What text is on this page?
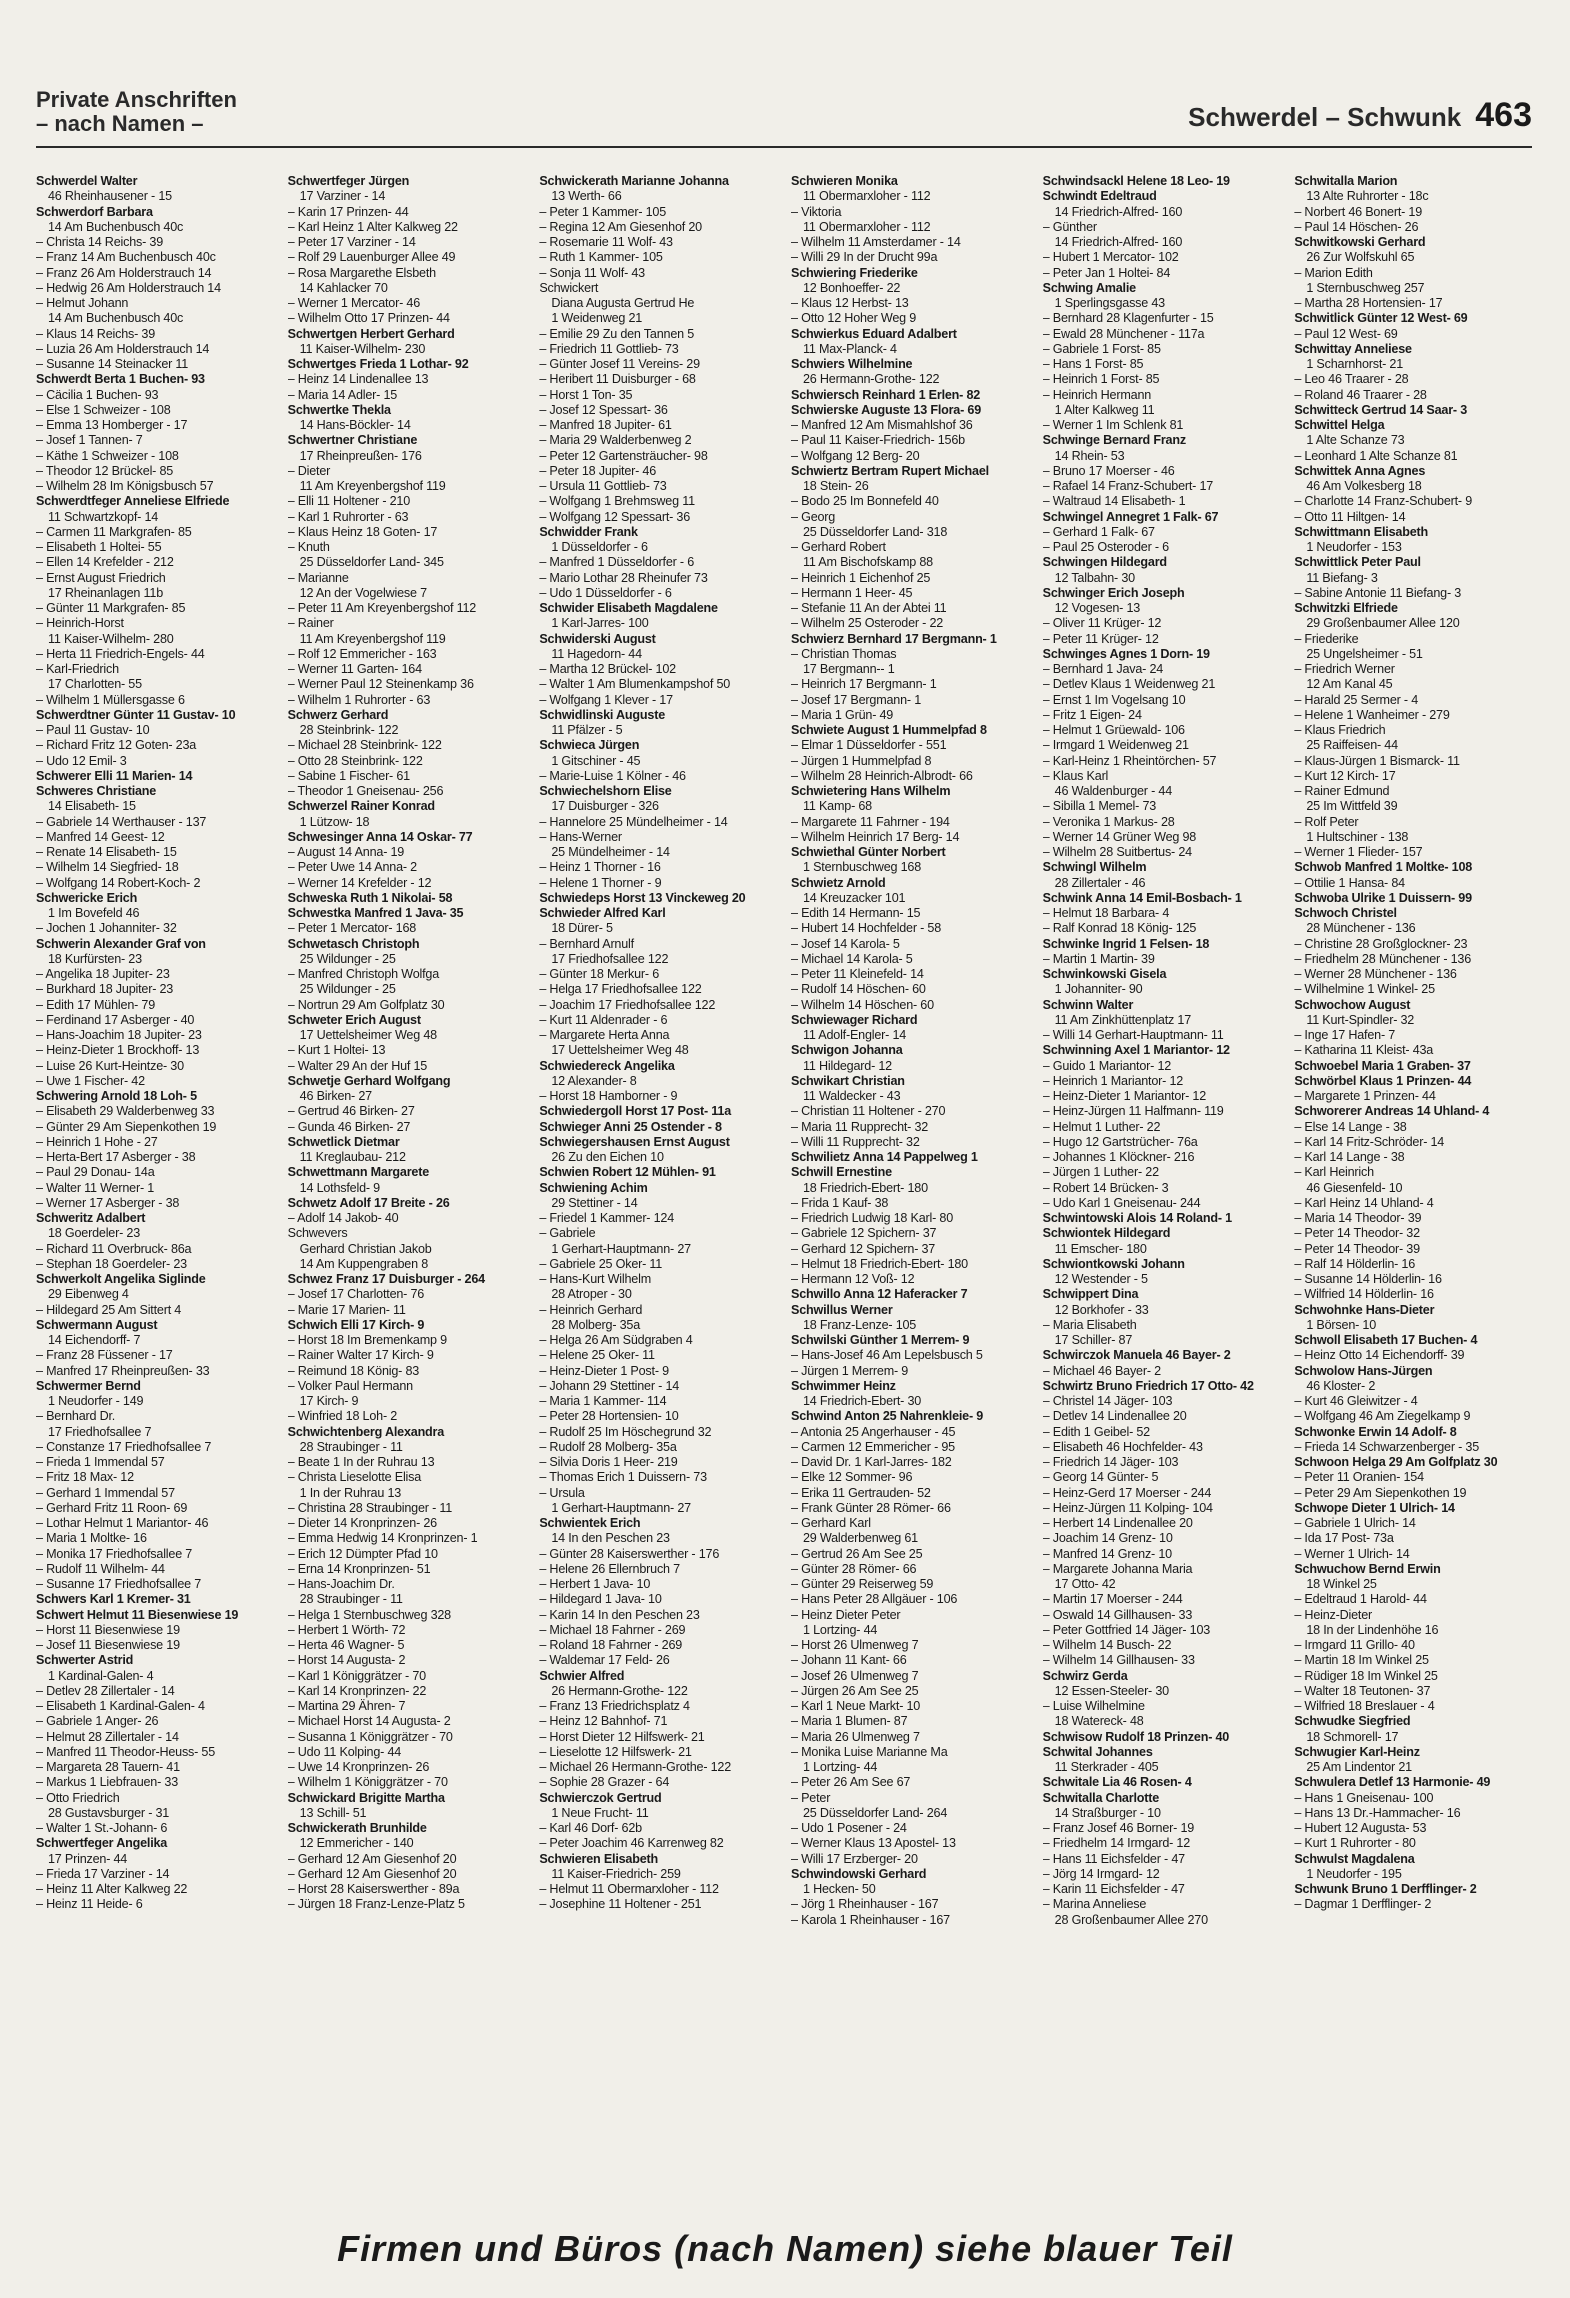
Private Anschriften
– nach Namen –	Schwerdel – Schwunk 463
Schwerdel Walter
46 Rheinhausener - 15
Schwerdorf Barbara
14 Am Buchenbusch 40c
– Christa 14 Reichs- 39
– Franz 14 Am Buchenbusch 40c
– Franz 26 Am Holderstrauch 14
– Hedwig 26 Am Holderstrauch 14
– Helmut Johann
14 Am Buchenbusch 40c
– Klaus 14 Reichs- 39
– Luzia 26 Am Holderstrauch 14
– Susanne 14 Steinacker 11
Schwerdt Berta 1 Buchen- 93
– Cäcilia 1 Buchen- 93
– Else 1 Schweizer - 108
– Emma 13 Homberger - 17
– Josef 1 Tannen- 7
– Käthe 1 Schweizer - 108
– Theodor 12 Brückel- 85
– Wilhelm 28 Im Königsbusch 57
Schwerdtfeger Anneliese Elfriede
11 Schwartzkopf- 14
– Carmen 11 Markgrafen- 85
– Elisabeth 1 Holtei- 55
– Ellen 14 Krefelder - 212
– Ernst August Friedrich
17 Rheinanlagen 11b
– Günter 11 Markgrafen- 85
– Heinrich-Horst
11 Kaiser-Wilhelm- 280
– Herta 11 Friedrich-Engels- 44
– Karl-Friedrich
17 Charlotten- 55
– Wilhelm 1 Müllersgasse 6
Schwerdtner Günter 11 Gustav- 10
– Paul 11 Gustav- 10
– Richard Fritz 12 Goten- 23a
– Udo 12 Emil- 3
Schwerer Elli 11 Marien- 14
Schweres Christiane
14 Elisabeth- 15
– Gabriele 14 Werthauser - 137
– Manfred 14 Geest- 12
– Renate 14 Elisabeth- 15
– Wilhelm 14 Siegfried- 18
– Wolfgang 14 Robert-Koch- 2
Schwericke Erich
1 Im Bovefeld 46
– Jochen 1 Johanniter- 32
Schwerin Alexander Graf von
18 Kurfürsten- 23
– Angelika 18 Jupiter- 23
– Burkhard 18 Jupiter- 23
– Edith 17 Mühlen- 79
– Ferdinand 17 Asberger - 40
– Hans-Joachim 18 Jupiter- 23
– Heinz-Dieter 1 Brockhoff- 13
– Luise 26 Kurt-Heintze- 30
– Uwe 1 Fischer- 42
Schwering Arnold 18 Loh- 5
– Elisabeth 29 Walderbenweg 33
– Günter 29 Am Siepenkothen 19
– Heinrich 1 Hohe - 27
– Herta-Bert 17 Asberger - 38
– Paul 29 Donau- 14a
– Walter 11 Werner- 1
– Werner 17 Asberger - 38
Schweritz Adalbert
18 Goerdeler- 23
– Richard 11 Overbruck- 86a
– Stephan 18 Goerdeler- 23
Schwerkolt Angelika Siglinde
29 Eibenweg 4
– Hildegard 25 Am Sittert 4
Schwermann August
14 Eichendorff- 7
– Franz 28 Füssener - 17
– Manfred 17 Rheinpreußen- 33
Schwermer Bernd
1 Neudorfer - 149
– Bernhard Dr.
17 Friedhofsallee 7
– Constanze 17 Friedhofsallee 7
– Frieda 1 Immendal 57
– Fritz 18 Max- 12
– Gerhard 1 Immendal 57
– Gerhard Fritz 11 Roon- 69
– Lothar Helmut 1 Mariantor- 46
– Maria 1 Moltke- 16
– Monika 17 Friedhofsallee 7
– Rudolf 11 Wilhelm- 44
– Susanne 17 Friedhofsallee 7
Schwers Karl 1 Kremer- 31
Schwert Helmut 11 Biesenwiese 19
– Horst 11 Biesenwiese 19
– Josef 11 Biesenwiese 19
Schwerter Astrid
1 Kardinal-Galen- 4
– Detlev 28 Zillertaler - 14
– Elisabeth 1 Kardinal-Galen- 4
– Gabriele 1 Anger- 26
– Helmut 28 Zillertaler - 14
– Manfred 11 Theodor-Heuss- 55
– Margareta 28 Tauern- 41
– Markus 1 Liebfrauen- 33
– Otto Friedrich
28 Gustavsburger - 31
– Walter 1 St.-Johann- 6
Schwertfeger Angelika
17 Prinzen- 44
– Frieda 17 Varziner - 14
– Heinz 11 Alter Kalkweg 22
– Heinz 11 Heide- 6
Schwertfeger Jürgen
17 Varziner - 14
– Karin 17 Prinzen- 44
– Karl Heinz 1 Alter Kalkweg 22
– Peter 17 Varziner - 14
– Rolf 29 Lauenburger Allee 49
– Rosa Margarethe Elsbeth
14 Kahlacker 70
– Werner 1 Mercator- 46
– Wilhelm Otto 17 Prinzen- 44
Schwertgen Herbert Gerhard
11 Kaiser-Wilhelm- 230
Schwertges Frieda 1 Lothar- 92
– Heinz 14 Lindenallee 13
– Maria 14 Adler- 15
Schwertke Thekla
14 Hans-Böckler- 14
Schwertner Christiane
17 Rheinpreußen- 176
– Dieter
11 Am Kreyenbergshof 119
– Elli 11 Holtener - 210
– Karl 1 Ruhrorter - 63
– Klaus Heinz 18 Goten- 17
– Knuth
25 Düsseldorfer Land- 345
– Marianne
12 An der Vogelwiese 7
– Peter 11 Am Kreyenbergshof 112
– Rainer
11 Am Kreyenbergshof 119
– Rolf 12 Emmericher - 163
– Werner 11 Garten- 164
– Werner Paul 12 Steinenkamp 36
– Wilhelm 1 Ruhrorter - 63
Schwerz Gerhard
28 Steinbrink- 122
– Michael 28 Steinbrink- 122
– Otto 28 Steinbrink- 122
– Sabine 1 Fischer- 61
– Theodor 1 Gneisenau- 256
Schwerzel Rainer Konrad
1 Lützow- 18
Schwesinger Anna 14 Oskar- 77
– August 14 Anna- 19
– Peter Uwe 14 Anna- 2
– Werner 14 Krefelder - 12
Schweska Ruth 1 Nikolai- 58
Schwestka Manfred 1 Java- 35
– Peter 1 Mercator- 168
Schwetasch Christoph
25 Wildunger - 25
– Manfred Christoph Wolfga
25 Wildunger - 25
– Nortrun 29 Am Golfplatz 30
Schweter Erich August
17 Uettelsheimer Weg 48
– Kurt 1 Holtei- 13
– Walter 29 An der Huf 15
Schwetje Gerhard Wolfgang
46 Birken- 27
– Gertrud 46 Birken- 27
– Gunda 46 Birken- 27
Schwetlick Dietmar
11 Kreglaubau- 212
Schwettmann Margarete
14 Lothsfeld- 9
Schwetz Adolf 17 Breite - 26
– Adolf 14 Jakob- 40
Schwevers
Gerhard Christian Jakob
14 Am Kuppengraben 8
Schwez Franz 17 Duisburger - 264
– Josef 17 Charlotten- 76
– Marie 17 Marien- 11
Schwich Elli 17 Kirch- 9
– Horst 18 Im Bremenkamp 9
– Rainer Walter 17 Kirch- 9
– Reimund 18 König- 83
– Volker Paul Hermann
17 Kirch- 9
– Winfried 18 Loh- 2
Schwichtenberg Alexandra
28 Straubinger - 11
– Beate 1 In der Ruhrau 13
– Christa Lieselotte Elisa
1 In der Ruhrau 13
– Christina 28 Straubinger - 11
– Dieter 14 Kronprinzen- 26
– Emma Hedwig 14 Kronprinzen- 1
– Erich 12 Dümpter Pfad 10
– Erna 14 Kronprinzen- 51
– Hans-Joachim Dr.
28 Straubinger - 11
– Helga 1 Sternbuschweg 328
– Herbert 1 Wörth- 72
– Herta 46 Wagner- 5
– Horst 14 Augusta- 2
– Karl 1 Königgrätzer - 70
– Karl 14 Kronprinzen- 22
– Martina 29 Ähren- 7
– Michael Horst 14 Augusta- 2
– Susanna 1 Königgrätzer - 70
– Udo 11 Kolping- 44
– Uwe 14 Kronprinzen- 26
– Wilhelm 1 Königgrätzer - 70
Schwickard Brigitte Martha
13 Schill- 51
Schwickerath Brunhilde
12 Emmericher - 140
– Gerhard 12 Am Giesenhof 20
– Gerhard 12 Am Giesenhof 20
– Horst 28 Kaiserswerther - 89a
– Jürgen 18 Franz-Lenze-Platz 5
Schwickerath Marianne Johanna
13 Werth- 66
– Peter 1 Kammer- 105
– Regina 12 Am Giesenhof 20
– Rosemarie 11 Wolf- 43
– Ruth 1 Kammer- 105
– Sonja 11 Wolf- 43
Schwickert
Diana Augusta Gertrud He
1 Weidenweg 21
– Emilie 29 Zu den Tannen 5
– Friedrich 11 Gottlieb- 73
– Günter Josef 11 Vereins- 29
– Heribert 11 Duisburger - 68
– Horst 1 Ton- 35
– Josef 12 Spessart- 36
– Manfred 18 Jupiter- 61
– Maria 29 Walderbenweg 2
– Peter 12 Gartensträucher- 98
– Peter 18 Jupiter- 46
– Ursula 11 Gottlieb- 73
– Wolfgang 1 Brehmsweg 11
– Wolfgang 12 Spessart- 36
Schwidder Frank
1 Düsseldorfer - 6
– Manfred 1 Düsseldorfer - 6
– Mario Lothar 28 Rheinufer 73
– Udo 1 Düsseldorfer - 6
Schwider Elisabeth Magdalene
1 Karl-Jarres- 100
Schwiderski August
11 Hagedorn- 44
– Martha 12 Brückel- 102
– Walter 1 Am Blumenkampshof 50
– Wolfgang 1 Klever - 17
Schwidlinski Auguste
11 Pfälzer - 5
Schwieca Jürgen
1 Gitschiner - 45
– Marie-Luise 1 Kölner - 46
Schwiechelshorn Elise
17 Duisburger - 326
– Hannelore 25 Mündelheimer - 14
– Hans-Werner
25 Mündelheimer - 14
– Heinz 1 Thorner - 16
– Helene 1 Thorner - 9
Schwiedeps Horst 13 Vinckeweg 20
Schwieder Alfred Karl
18 Dürer- 5
– Bernhard Arnulf
17 Friedhofsallee 122
– Günter 18 Merkur- 6
– Helga 17 Friedhofsallee 122
– Joachim 17 Friedhofsallee 122
– Kurt 11 Aldenrader - 6
– Margarete Herta Anna
17 Uettelsheimer Weg 48
Schwiedereck Angelika
12 Alexander- 8
– Horst 18 Hamborner - 9
Schwiedergoll Horst 17 Post- 11a
Schwieger Anni 25 Ostender - 8
Schwiegershausen Ernst August
26 Zu den Eichen 10
Schwien Robert 12 Mühlen- 91
Schwiening Achim
29 Stettiner - 14
– Friedel 1 Kammer- 124
– Gabriele
1 Gerhart-Hauptmann- 27
– Gabriele 25 Oker- 11
– Hans-Kurt Wilhelm
28 Atroper - 30
– Heinrich Gerhard
28 Molberg- 35a
– Helga 26 Am Südgraben 4
– Helene 25 Oker- 11
– Heinz-Dieter 1 Post- 9
– Johann 29 Stettiner - 14
– Maria 1 Kammer- 114
– Peter 28 Hortensien- 10
– Rudolf 25 Im Höschegrund 32
– Rudolf 28 Molberg- 35a
– Silvia Doris 1 Heer- 219
– Thomas Erich 1 Duissern- 73
– Ursula
1 Gerhart-Hauptmann- 27
Schwientek Erich
14 In den Peschen 23
– Günter 28 Kaiserswerther - 176
– Helene 26 Ellernbruch 7
– Herbert 1 Java- 10
– Hildegard 1 Java- 10
– Karin 14 In den Peschen 23
– Michael 18 Fahrner - 269
– Roland 18 Fahrner - 269
– Waldemar 17 Feld- 26
Schwier Alfred
26 Hermann-Grothe- 122
– Franz 13 Friedrichsplatz 4
– Heinz 12 Bahnhof- 71
– Horst Dieter 12 Hilfswerk- 21
– Lieselotte 12 Hilfswerk- 21
– Michael 26 Hermann-Grothe- 122
– Sophie 28 Grazer - 64
Schwierczok Gertrud
1 Neue Frucht- 11
– Karl 46 Dorf- 62b
– Peter Joachim 46 Karrenweg 82
Schwieren Elisabeth
11 Kaiser-Friedrich- 259
– Helmut 11 Obermarxloher - 112
– Josephine 11 Holtener - 251
Schwieren Monika
11 Obermarxloher - 112
– Viktoria
11 Obermarxloher - 112
– Wilhelm 11 Amsterdamer - 14
– Willi 29 In der Drucht 99a
Schwiering Friederike
12 Bonhoeffer- 22
– Klaus 12 Herbst- 13
– Otto 12 Hoher Weg 9
Schwierkus Eduard Adalbert
11 Max-Planck- 4
Schwiers Wilhelmine
26 Hermann-Grothe- 122
Schwiersch Reinhard 1 Erlen- 82
Schwierske Auguste 13 Flora- 69
– Manfred 12 Am Mismahlshof 36
– Paul 11 Kaiser-Friedrich- 156b
– Wolfgang 12 Berg- 20
Schwiertz Bertram Rupert Michael
18 Stein- 26
– Bodo 25 Im Bonnefeld 40
– Georg
25 Düsseldorfer Land- 318
– Gerhard Robert
11 Am Bischofskamp 88
– Heinrich 1 Eichenhof 25
– Hermann 1 Heer- 45
– Stefanie 11 An der Abtei 11
– Wilhelm 25 Osteroder - 22
Schwierz Bernhard 17 Bergmann- 1
– Christian Thomas
17 Bergmann-- 1
– Heinrich 17 Bergmann- 1
– Josef 17 Bergmann- 1
– Maria 1 Grün- 49
Schwiete August 1 Hummelpfad 8
– Elmar 1 Düsseldorfer - 551
– Jürgen 1 Hummelpfad 8
– Wilhelm 28 Heinrich-Albrodt- 66
Schwietering Hans Wilhelm
11 Kamp- 68
– Margarete 11 Fahrner - 194
– Wilhelm Heinrich 17 Berg- 14
Schwiethal Günter Norbert
1 Sternbuschweg 168
Schwietz Arnold
14 Kreuzacker 101
– Edith 14 Hermann- 15
– Hubert 14 Hochfelder - 58
– Josef 14 Karola- 5
– Michael 14 Karola- 5
– Peter 11 Kleinefeld- 14
– Rudolf 14 Höschen- 60
– Wilhelm 14 Höschen- 60
Schwiewager Richard
11 Adolf-Engler- 14
Schwigon Johanna
11 Hildegard- 12
Schwikart Christian
11 Waldecker - 43
– Christian 11 Holtener - 270
– Maria 11 Rupprecht- 32
– Willi 11 Rupprecht- 32
Schwilietz Anna 14 Pappelweg 1
Schwill Ernestine
18 Friedrich-Ebert- 180
– Frida 1 Kauf- 38
– Friedrich Ludwig 18 Karl- 80
– Gabriele 12 Spichern- 37
– Gerhard 12 Spichern- 37
– Helmut 18 Friedrich-Ebert- 180
– Hermann 12 Voß- 12
Schwillo Anna 12 Haferacker 7
Schwillus Werner
18 Franz-Lenze- 105
Schwilski Günther 1 Merrem- 9
– Hans-Josef 46 Am Lepelsbusch 5
– Jürgen 1 Merrem- 9
Schwimmer Heinz
14 Friedrich-Ebert- 30
Schwind Anton 25 Nahrenkleie- 9
– Antonia 25 Angerhauser - 45
– Carmen 12 Emmericher - 95
– David Dr. 1 Karl-Jarres- 182
– Elke 12 Sommer- 96
– Erika 11 Gertrauden- 52
– Frank Günter 28 Römer- 66
– Gerhard Karl
29 Walderbenweg 61
– Gertrud 26 Am See 25
– Günter 28 Römer- 66
– Günter 29 Reiserweg 59
– Hans Peter 28 Allgäuer - 106
– Heinz Dieter Peter
1 Lortzing- 44
– Horst 26 Ulmenweg 7
– Johann 11 Kant- 66
– Josef 26 Ulmenweg 7
– Jürgen 26 Am See 25
– Karl 1 Neue Markt- 10
– Maria 1 Blumen- 87
– Maria 26 Ulmenweg 7
– Monika Luise Marianne Ma
1 Lortzing- 44
– Peter 26 Am See 67
– Peter
25 Düsseldorfer Land- 264
– Udo 1 Posener - 24
– Werner Klaus 13 Apostel- 13
– Willi 17 Erzberger- 20
Schwindowski Gerhard
1 Hecken- 50
– Jörg 1 Rheinhauser - 167
– Karola 1 Rheinhauser - 167
Schwindsackl Helene 18 Leo- 19
Schwindt Edeltraud
14 Friedrich-Alfred- 160
– Günther
14 Friedrich-Alfred- 160
– Hubert 1 Mercator- 102
– Peter Jan 1 Holtei- 84
Schwing Amalie
1 Sperlingsgasse 43
– Bernhard 28 Klagenfurter - 15
– Ewald 28 Münchener - 117a
– Gabriele 1 Forst- 85
– Hans 1 Forst- 85
– Heinrich 1 Forst- 85
– Heinrich Hermann
1 Alter Kalkweg 11
– Werner 1 Im Schlenk 81
Schwinge Bernard Franz
14 Rhein- 53
– Bruno 17 Moerser - 46
– Rafael 14 Franz-Schubert- 17
– Waltraud 14 Elisabeth- 1
Schwingel Annegret 1 Falk- 67
– Gerhard 1 Falk- 67
– Paul 25 Osteroder - 6
Schwingen Hildegard
12 Talbahn- 30
Schwinger Erich Joseph
12 Vogesen- 13
– Oliver 11 Krüger- 12
– Peter 11 Krüger- 12
Schwinges Agnes 1 Dorn- 19
– Bernhard 1 Java- 24
– Detlev Klaus 1 Weidenweg 21
– Ernst 1 Im Vogelsang 10
– Fritz 1 Eigen- 24
– Helmut 1 Grüewald- 106
– Irmgard 1 Weidenweg 21
– Karl-Heinz 1 Rheintörchen- 57
– Klaus Karl
46 Waldenburger - 44
– Sibilla 1 Memel- 73
– Veronika 1 Markus- 28
– Werner 14 Grüner Weg 98
– Wilhelm 28 Suitbertus- 24
Schwingl Wilhelm
28 Zillertaler - 46
Schwink Anna 14 Emil-Bosbach- 1
– Helmut 18 Barbara- 4
– Ralf Konrad 18 König- 125
Schwinke Ingrid 1 Felsen- 18
– Martin 1 Martin- 39
Schwinkowski Gisela
1 Johanniter- 90
Schwinn Walter
11 Am Zinkhüttenplatz 17
– Willi 14 Gerhart-Hauptmann- 11
Schwinning Axel 1 Mariantor- 12
– Guido 1 Mariantor- 12
– Heinrich 1 Mariantor- 12
– Heinz-Dieter 1 Mariantor- 12
– Heinz-Jürgen 11 Halfmann- 119
– Helmut 1 Luther- 22
– Hugo 12 Gartstrücher- 76a
– Johannes 1 Klöckner- 216
– Jürgen 1 Luther- 22
– Robert 14 Brücken- 3
– Udo Karl 1 Gneisenau- 244
Schwintowski Alois 14 Roland- 1
Schwiontek Hildegard
11 Emscher- 180
Schwiontkowski Johann
12 Westender - 5
Schwippert Dina
12 Borkhofer - 33
– Maria Elisabeth
17 Schiller- 87
Schwirczok Manuela 46 Bayer- 2
– Michael 46 Bayer- 2
Schwirtz Bruno Friedrich 17 Otto- 42
– Christel 14 Jäger- 103
– Detlev 14 Lindenallee 20
– Edith 1 Geibel- 52
– Elisabeth 46 Hochfelder- 43
– Friedrich 14 Jäger- 103
– Georg 14 Günter- 5
– Heinz-Gerd 17 Moerser - 244
– Heinz-Jürgen 11 Kolping- 104
– Herbert 14 Lindenallee 20
– Joachim 14 Grenz- 10
– Manfred 14 Grenz- 10
– Margarete Johanna Maria
17 Otto- 42
– Martin 17 Moerser - 244
– Oswald 14 Gillhausen- 33
– Peter Gottfried 14 Jäger- 103
– Wilhelm 14 Busch- 22
– Wilhelm 14 Gillhausen- 33
Schwirz Gerda
12 Essen-Steeler- 30
– Luise Wilhelmine
18 Watereck- 48
Schwisow Rudolf 18 Prinzen- 40
Schwital Johannes
11 Sterkrader - 405
Schwitale Lia 46 Rosen- 4
Schwitalla Charlotte
14 Straßburger - 10
– Franz Josef 46 Borner- 19
– Friedhelm 14 Irmgard- 12
– Hans 11 Eichsfelder - 47
– Jörg 14 Irmgard- 12
– Karin 11 Eichsfelder - 47
– Marina Anneliese
28 Großenbaumer Allee 270
Schwitalla Marion
13 Alte Ruhrorter - 18c
– Norbert 46 Bonert- 19
– Paul 14 Höschen- 26
Schwitkowski Gerhard
26 Zur Wolfskuhl 65
– Marion Edith
1 Sternbuschweg 257
– Martha 28 Hortensien- 17
Schwitlick Günter 12 West- 69
– Paul 12 West- 69
Schwittay Anneliese
1 Scharnhorst- 21
– Leo 46 Traarer - 28
– Roland 46 Traarer - 28
Schwitteck Gertrud 14 Saar- 3
Schwittel Helga
1 Alte Schanze 73
– Leonhard 1 Alte Schanze 81
Schwittek Anna Agnes
46 Am Volkesberg 18
– Charlotte 14 Franz-Schubert- 9
– Otto 11 Hiltgen- 14
Schwittmann Elisabeth
1 Neudorfer - 153
Schwittlick Peter Paul
11 Biefang- 3
– Sabine Antonie 11 Biefang- 3
Schwitzki Elfriede
29 Großenbaumer Allee 120
– Friederike
25 Ungelsheimer - 51
– Friedrich Werner
12 Am Kanal 45
– Harald 25 Sermer - 4
– Helene 1 Wanheimer - 279
– Klaus Friedrich
25 Raiffeisen- 44
– Klaus-Jürgen 1 Bismarck- 11
– Kurt 12 Kirch- 17
– Rainer Edmund
25 Im Wittfeld 39
– Rolf Peter
1 Hultschiner - 138
– Werner 1 Flieder- 157
Schwob Manfred 1 Moltke- 108
– Ottilie 1 Hansa- 84
Schwoba Ulrike 1 Duissern- 99
Schwoch Christel
28 Münchener - 136
– Christine 28 Großglockner- 23
– Friedhelm 28 Münchener - 136
– Werner 28 Münchener - 136
– Wilhelmine 1 Winkel- 25
Schwochow August
11 Kurt-Spindler- 32
– Inge 17 Hafen- 7
– Katharina 11 Kleist- 43a
Schwoebel Maria 1 Graben- 37
Schwörbel Klaus 1 Prinzen- 44
– Margarete 1 Prinzen- 44
Schworerer Andreas 14 Uhland- 4
– Else 14 Lange - 38
– Karl 14 Fritz-Schröder- 14
– Karl 14 Lange - 38
– Karl Heinrich
46 Giesenfeld- 10
– Karl Heinz 14 Uhland- 4
– Maria 14 Theodor- 39
– Peter 14 Theodor- 32
– Peter 14 Theodor- 39
– Ralf 14 Hölderlin- 16
– Susanne 14 Hölderlin- 16
– Wilfried 14 Hölderlin- 16
Schwohnke Hans-Dieter
1 Börsen- 10
Schwoll Elisabeth 17 Buchen- 4
– Heinz Otto 14 Eichendorff- 39
Schwolow Hans-Jürgen
46 Kloster- 2
– Kurt 46 Gleiwitzer - 4
– Wolfgang 46 Am Ziegelkamp 9
Schwonke Erwin 14 Adolf- 8
– Frieda 14 Schwarzenberger - 35
Schwoon Helga 29 Am Golfplatz 30
– Peter 11 Oranien- 154
– Peter 29 Am Siepenkothen 19
Schwope Dieter 1 Ulrich- 14
– Gabriele 1 Ulrich- 14
– Ida 17 Post- 73a
– Werner 1 Ulrich- 14
Schwuchow Bernd Erwin
18 Winkel 25
– Edeltraud 1 Harold- 44
– Heinz-Dieter
18 In der Lindenhöhe 16
– Irmgard 11 Grillo- 40
– Martin 18 Im Winkel 25
– Rüdiger 18 Im Winkel 25
– Walter 18 Teutonen- 37
– Wilfried 18 Breslauer - 4
Schwudke Siegfried
18 Schmorell- 17
Schwugier Karl-Heinz
25 Am Lindentor 21
Schwulera Detlef 13 Harmonie- 49
– Hans 1 Gneisenau- 100
– Hans 13 Dr.-Hammacher- 16
– Hubert 12 Augusta- 53
– Kurt 1 Ruhrorter - 80
Schwulst Magdalena
1 Neudorfer - 195
Schwunk Bruno 1 Derfflinger- 2
– Dagmar 1 Derfflinger- 2
Firmen und Büros (nach Namen) siehe blauer Teil
